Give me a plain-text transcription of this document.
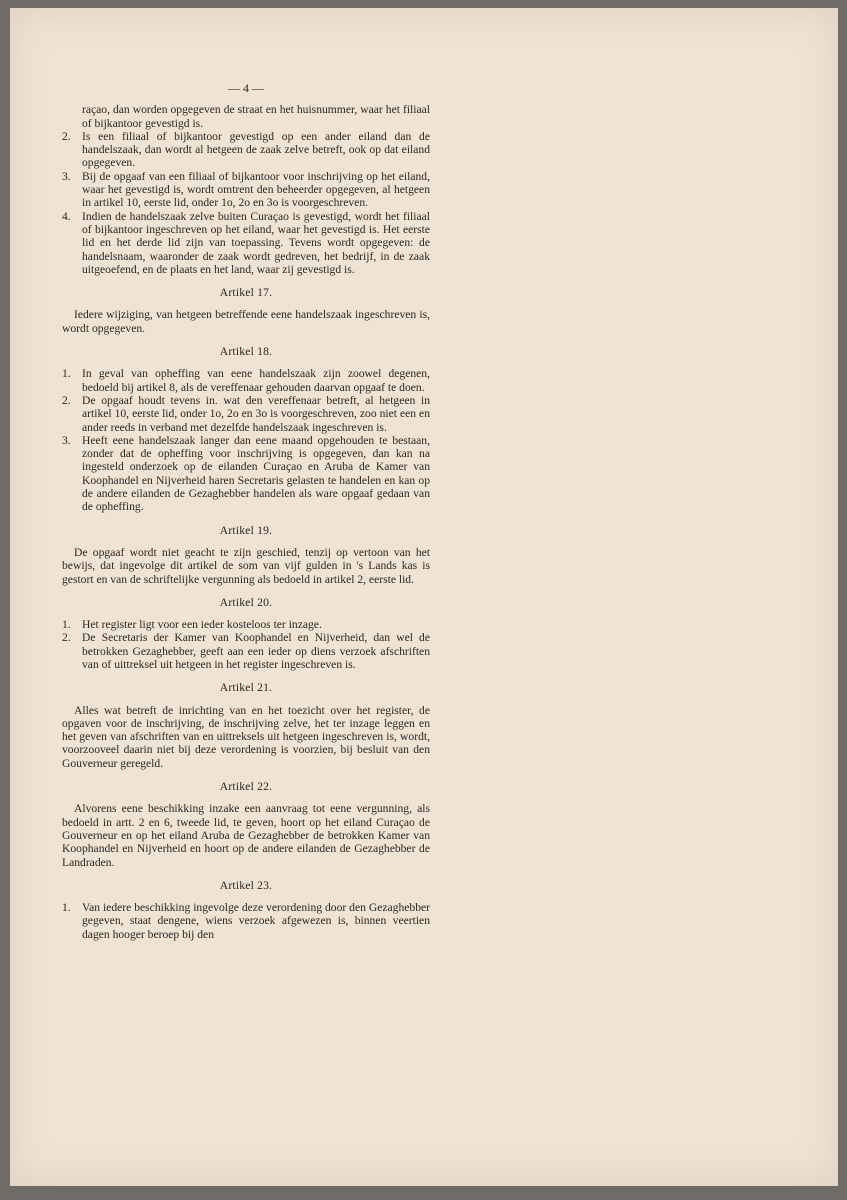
— 4 —

raçao, dan worden opgegeven de straat en het huisnummer, waar het filiaal of bijkantoor gevestigd is.

2. Is een filiaal of bijkantoor gevestigd op een ander eiland dan de handelszaak, dan wordt al hetgeen de zaak zelve betreft, ook op dat eiland opgegeven.
3. Bij de opgaaf van een filiaal of bijkantoor voor inschrijving op het eiland, waar het gevestigd is, wordt omtrent den beheerder opgegeven, al hetgeen in artikel 10, eerste lid, onder 1o, 2o en 3o is voorgeschreven.
4. Indien de handelszaak zelve buiten Curaçao is gevestigd, wordt het filiaal of bijkantoor ingeschreven op het eiland, waar het gevestigd is. Het eerste lid en het derde lid zijn van toepassing. Tevens wordt opgegeven: de handelsnaam, waaronder de zaak wordt gedreven, het bedrijf, in de zaak uitgeoefend, en de plaats en het land, waar zij gevestigd is.
Artikel 17.

Iedere wijziging, van hetgeen betreffende eene handelszaak ingeschreven is, wordt opgegeven.

Artikel 18.
1. In geval van opheffing van eene handelszaak zijn zoowel degenen, bedoeld bij artikel 8, als de vereffenaar gehouden daarvan opgaaf te doen.
2. De opgaaf houdt tevens in. wat den vereffenaar betreft, al hetgeen in artikel 10, eerste lid, onder 1o, 2o en 3o is voorgeschreven, zoo niet een en ander reeds in verband met dezelfde handelszaak ingeschreven is.
3. Heeft eene handelszaak langer dan eene maand opgehouden te bestaan, zonder dat de opheffing voor inschrijving is opgegeven, dan kan na ingesteld onderzoek op de eilanden Curaçao en Aruba de Kamer van Koophandel en Nijverheid haren Secretaris gelasten te handelen en kan op de andere eilanden de Gezaghebber handelen als ware opgaaf gedaan van de opheffing.
Artikel 19.

De opgaaf wordt niet geacht te zijn geschied, tenzij op vertoon van het bewijs, dat ingevolge dit artikel de som van vijf gulden in 's Lands kas is gestort en van de schriftelijke vergunning als bedoeld in artikel 2, eerste lid.

Artikel 20.
1. Het register ligt voor een ieder kosteloos ter inzage.
2. De Secretaris der Kamer van Koophandel en Nijverheid, dan wel de betrokken Gezaghebber, geeft aan een ieder op diens verzoek afschriften van of uittreksel uit hetgeen in het register ingeschreven is.
Artikel 21.

Alles wat betreft de inrichting van en het toezicht over het register, de opgaven voor de inschrijving, de inschrijving zelve, het ter inzage leggen en het geven van afschriften van en uittreksels uit hetgeen ingeschreven is, wordt, voorzooveel daarin niet bij deze verordening is voorzien, bij besluit van den Gouverneur geregeld.

Artikel 22.

Alvorens eene beschikking inzake een aanvraag tot eene vergunning, als bedoeld in artt. 2 en 6, tweede lid, te geven, hoort op het eiland Curaçao de Gouverneur en op het eiland Aruba de Gezaghebber de betrokken Kamer van Koophandel en Nijverheid en hoort op de andere eilanden de Gezaghebber de Landraden.

Artikel 23.
1. Van iedere beschikking ingevolge deze verordening door den Gezaghebber gegeven, staat dengene, wiens verzoek afgewezen is, binnen veertien dagen hooger beroep bij den
